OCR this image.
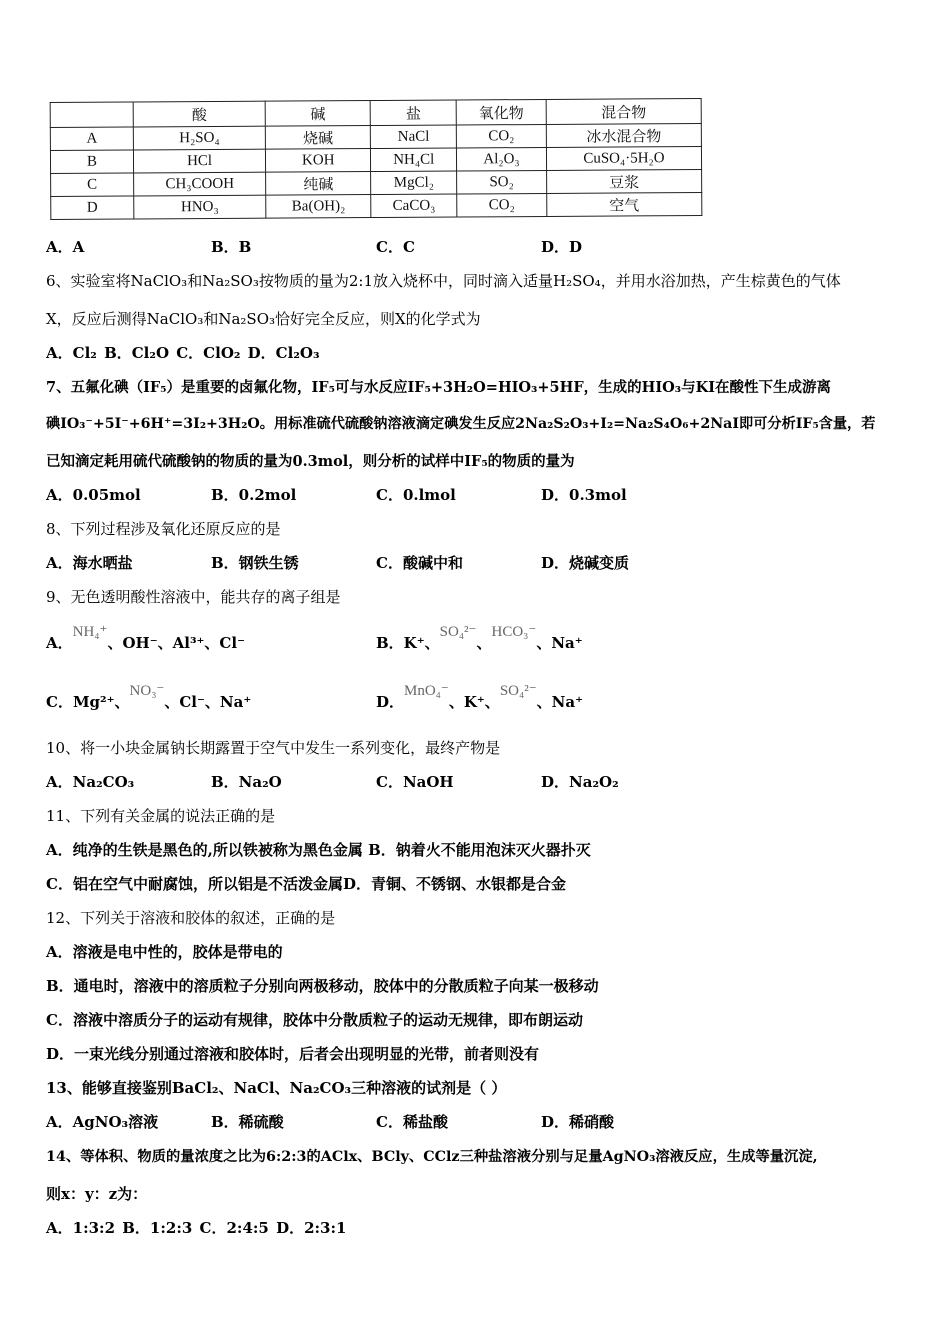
	酸	碱	盐	氧化物	混合物
A	H₂SO₄	烧碱	NaCl	CO₂	冰水混合物
B	HCl	KOH	NH₄Cl	Al₂O₃	CuSO₄·5H₂O
C	CH₃COOH	纯碱	MgCl₂	SO₂	豆浆
D	HNO₃	Ba(OH)₂	CaCO₃	CO₂	空气
A．A	B．B	C．C	D．D
6、实验室将NaClO₃和Na₂SO₃按物质的量为2:1放入烧杯中，同时滴入适量H₂SO₄，并用水浴加热，产生棕黄色的气体
X，反应后测得NaClO₃和Na₂SO₃恰好完全反应，则X的化学式为
A．Cl₂ B．Cl₂O C．ClO₂ D．Cl₂O₃
7、五氟化碘（IF₅）是重要的卤氟化物，IF₅可与水反应IF₅+3H₂O=HIO₃+5HF，生成的HIO₃与KI在酸性下生成游离
碘IO₃⁻+5I⁻+6H⁺=3I₂+3H₂O。用标准硫代硫酸钠溶液滴定碘发生反应2Na₂S₂O₃+I₂=Na₂S₄O₆+2NaI即可分析IF₅含量，若
已知滴定耗用硫代硫酸钠的物质的量为0.3mol，则分析的试样中IF₅的物质的量为
A．0.05mol	B．0.2mol	C．0.lmol	D．0.3mol
8、下列过程涉及氧化还原反应的是
A．海水晒盐	B．钢铁生锈	C．酸碱中和	D．烧碱变质
9、无色透明酸性溶液中，能共存的离子组是
A．NH₄⁺、OH⁻、Al³⁺、Cl⁻	B．K⁺、SO₄²⁻、HCO₃⁻、Na⁺
C．Mg²⁺、NO₃⁻、Cl⁻、Na⁺	D．MnO₄⁻、K⁺、SO₄²⁻、Na⁺
10、将一小块金属钠长期露置于空气中发生一系列变化，最终产物是
A．Na₂CO₃	B．Na₂O	C．NaOH	D．Na₂O₂
11、下列有关金属的说法正确的是
A．纯净的生铁是黑色的,所以铁被称为黑色金属 B．钠着火不能用泡沫灭火器扑灭
C．铝在空气中耐腐蚀，所以铝是不活泼金属D．青铜、不锈钢、水银都是合金
12、下列关于溶液和胶体的叙述，正确的是
A．溶液是电中性的，胶体是带电的
B．通电时，溶液中的溶质粒子分别向两极移动，胶体中的分散质粒子向某一极移动
C．溶液中溶质分子的运动有规律，胶体中分散质粒子的运动无规律，即布朗运动
D．一束光线分别通过溶液和胶体时，后者会出现明显的光带，前者则没有
13、能够直接鉴别BaCl₂、NaCl、Na₂CO₃三种溶液的试剂是（ ）
A．AgNO₃溶液	B．稀硫酸	C．稀盐酸	D．稀硝酸
14、等体积、物质的量浓度之比为6:2:3的AClx、BCly、CClz三种盐溶液分别与足量AgNO₃溶液反应，生成等量沉淀,
则x：y：z为：
A．1:3:2 B．1:2:3 C．2:4:5 D．2:3:1
